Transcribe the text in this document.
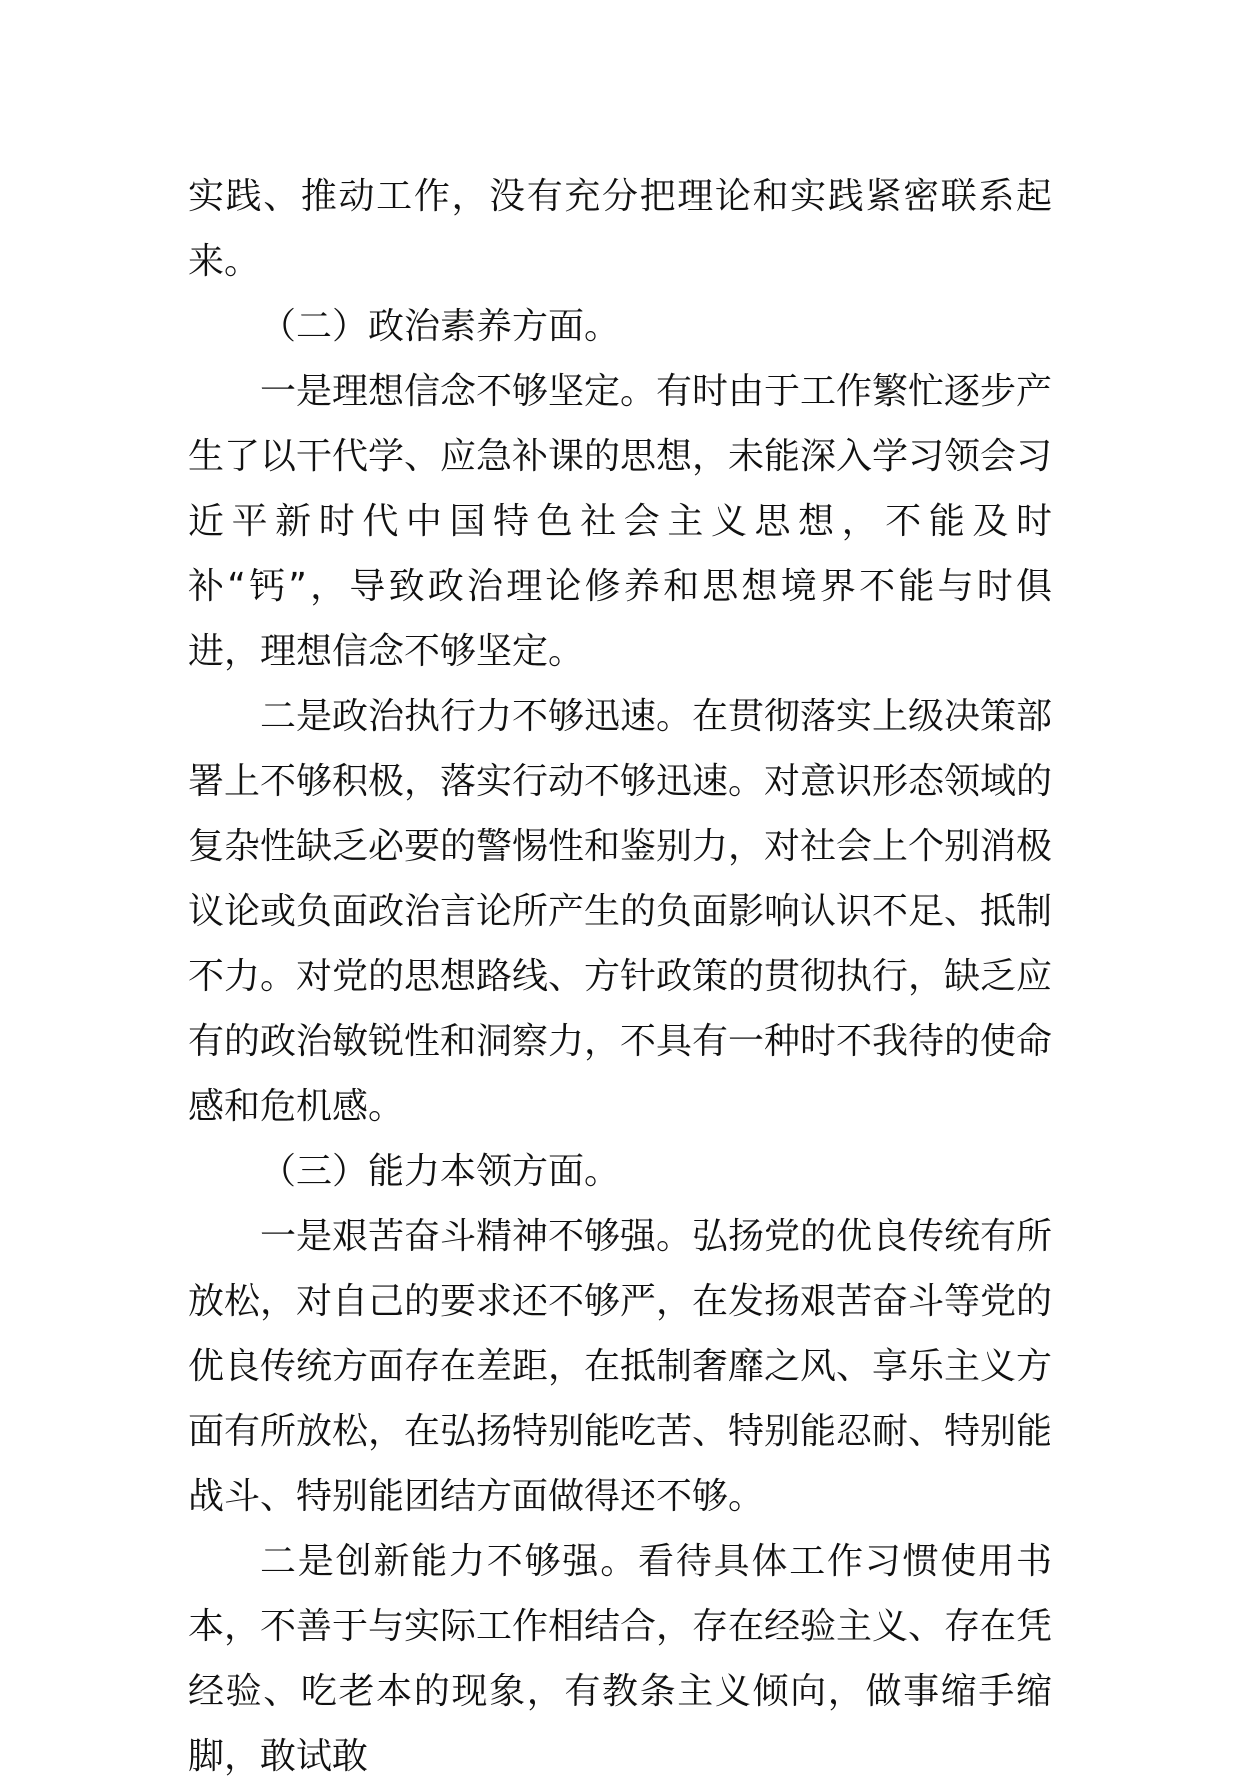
实践、推动工作，没有充分把理论和实践紧密联系起来。

（二）政治素养方面。

一是理想信念不够坚定。有时由于工作繁忙逐步产生了以干代学、应急补课的思想，未能深入学习领会习近平新时代中国特色社会主义思想，不能及时补“钙”，导致政治理论修养和思想境界不能与时俱进，理想信念不够坚定。

二是政治执行力不够迅速。在贯彻落实上级决策部署上不够积极，落实行动不够迅速。对意识形态领域的复杂性缺乏必要的警惕性和鉴别力，对社会上个别消极议论或负面政治言论所产生的负面影响认识不足、抵制不力。对党的思想路线、方针政策的贯彻执行，缺乏应有的政治敏锐性和洞察力，不具有一种时不我待的使命感和危机感。

（三）能力本领方面。

一是艰苦奋斗精神不够强。弘扬党的优良传统有所放松，对自己的要求还不够严，在发扬艰苦奋斗等党的优良传统方面存在差距，在抵制奢靡之风、享乐主义方面有所放松，在弘扬特别能吃苦、特别能忍耐、特别能战斗、特别能团结方面做得还不够。

二是创新能力不够强。看待具体工作习惯使用书本，不善于与实际工作相结合，存在经验主义、存在凭经验、吃老本的现象，有教条主义倾向，做事缩手缩脚，敢试敢
